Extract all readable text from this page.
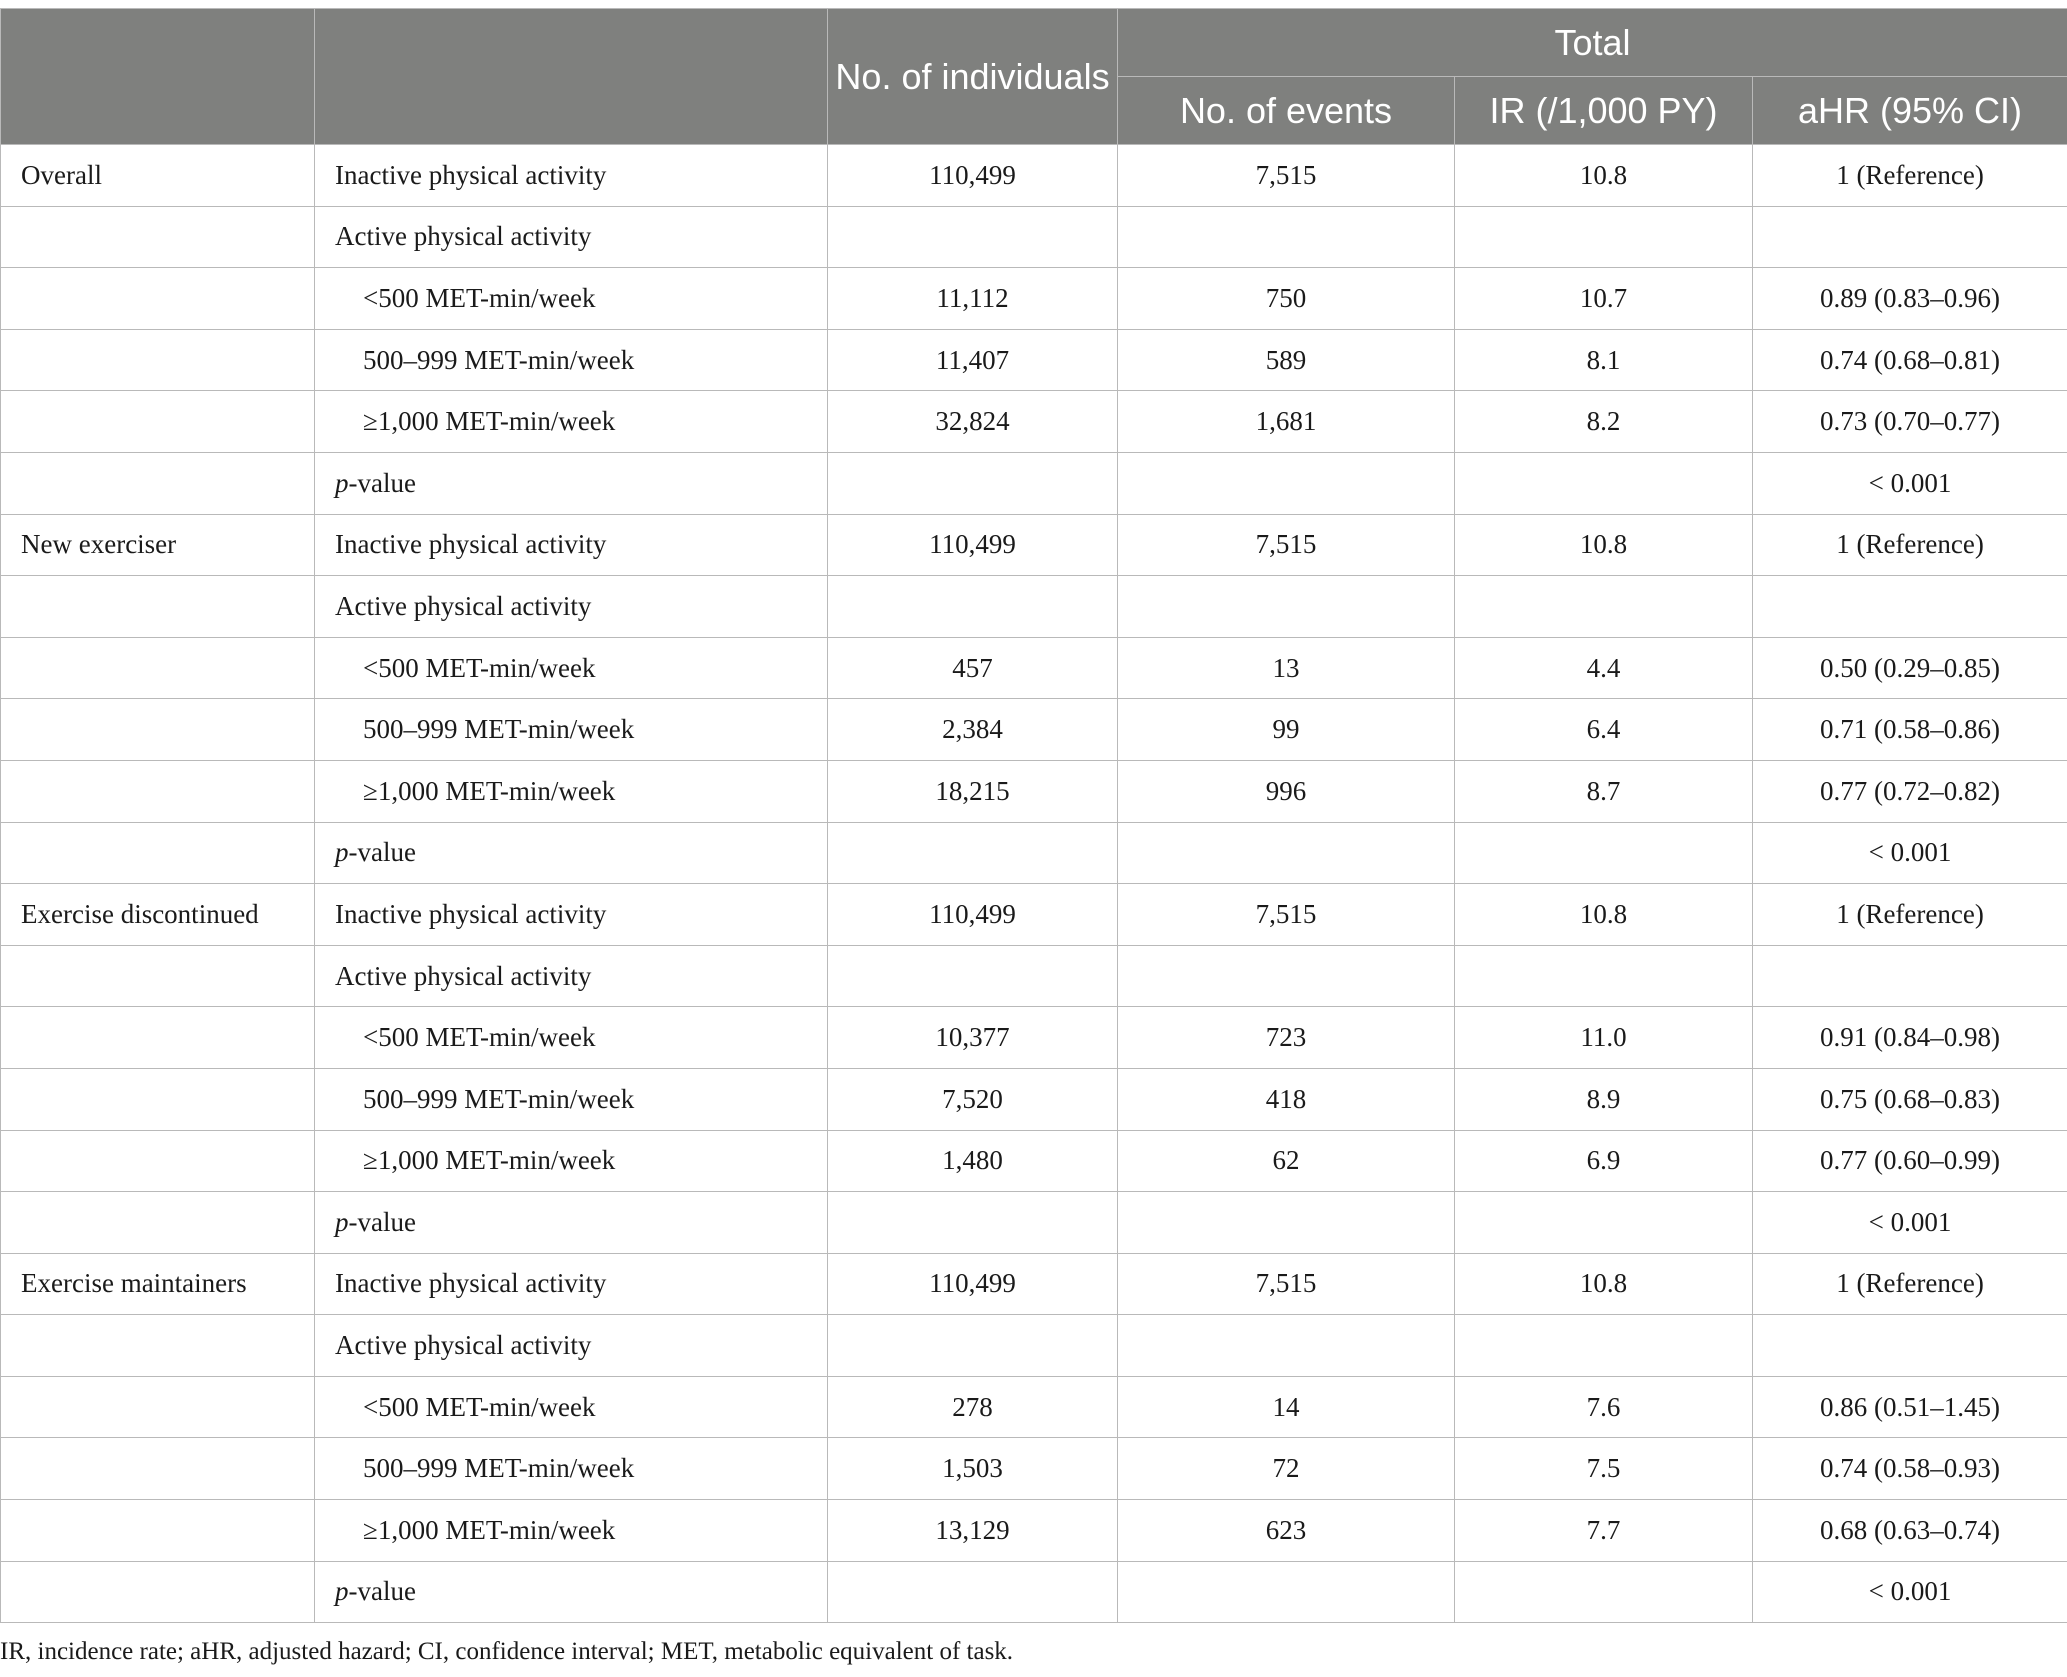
		No. of individuals	Total		
			No. of events	IR (/1,000 PY)	aHR (95% CI)
Overall	Inactive physical activity	110,499	7,515	10.8	1 (Reference)
	Active physical activity				
	<500 MET-min/week	11,112	750	10.7	0.89 (0.83–0.96)
	500–999 MET-min/week	11,407	589	8.1	0.74 (0.68–0.81)
	≥1,000 MET-min/week	32,824	1,681	8.2	0.73 (0.70–0.77)
	p-value				< 0.001
New exerciser	Inactive physical activity	110,499	7,515	10.8	1 (Reference)
	Active physical activity				
	<500 MET-min/week	457	13	4.4	0.50 (0.29–0.85)
	500–999 MET-min/week	2,384	99	6.4	0.71 (0.58–0.86)
	≥1,000 MET-min/week	18,215	996	8.7	0.77 (0.72–0.82)
	p-value				< 0.001
Exercise discontinued	Inactive physical activity	110,499	7,515	10.8	1 (Reference)
	Active physical activity				
	<500 MET-min/week	10,377	723	11.0	0.91 (0.84–0.98)
	500–999 MET-min/week	7,520	418	8.9	0.75 (0.68–0.83)
	≥1,000 MET-min/week	1,480	62	6.9	0.77 (0.60–0.99)
	p-value				< 0.001
Exercise maintainers	Inactive physical activity	110,499	7,515	10.8	1 (Reference)
	Active physical activity				
	<500 MET-min/week	278	14	7.6	0.86 (0.51–1.45)
	500–999 MET-min/week	1,503	72	7.5	0.74 (0.58–0.93)
	≥1,000 MET-min/week	13,129	623	7.7	0.68 (0.63–0.74)
	p-value				< 0.001
IR, incidence rate; aHR, adjusted hazard; CI, confidence interval; MET, metabolic equivalent of task.
